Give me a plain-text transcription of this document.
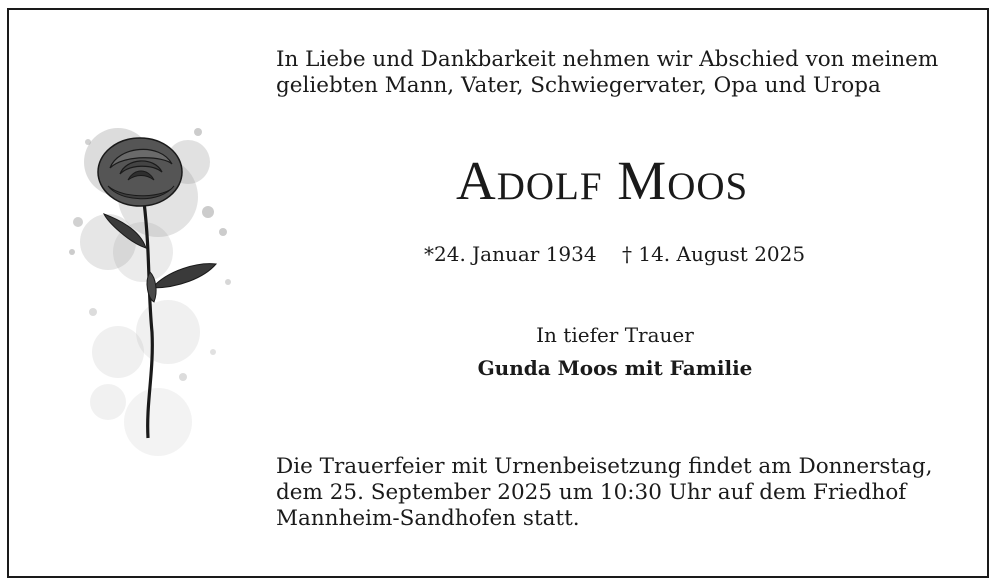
In Liebe und Dankbarkeit nehmen wir Abschied von meinem
geliebten Mann, Vater, Schwiegervater, Opa und Uropa
Adolf Moos
*24. Januar 1934 † 14. August 2025
In tiefer Trauer
Gunda Moos mit Familie
Die Trauerfeier mit Urnenbeisetzung findet am Donnerstag,
dem 25. September 2025 um 10:30 Uhr auf dem Friedhof
Mannheim-Sandhofen statt.
